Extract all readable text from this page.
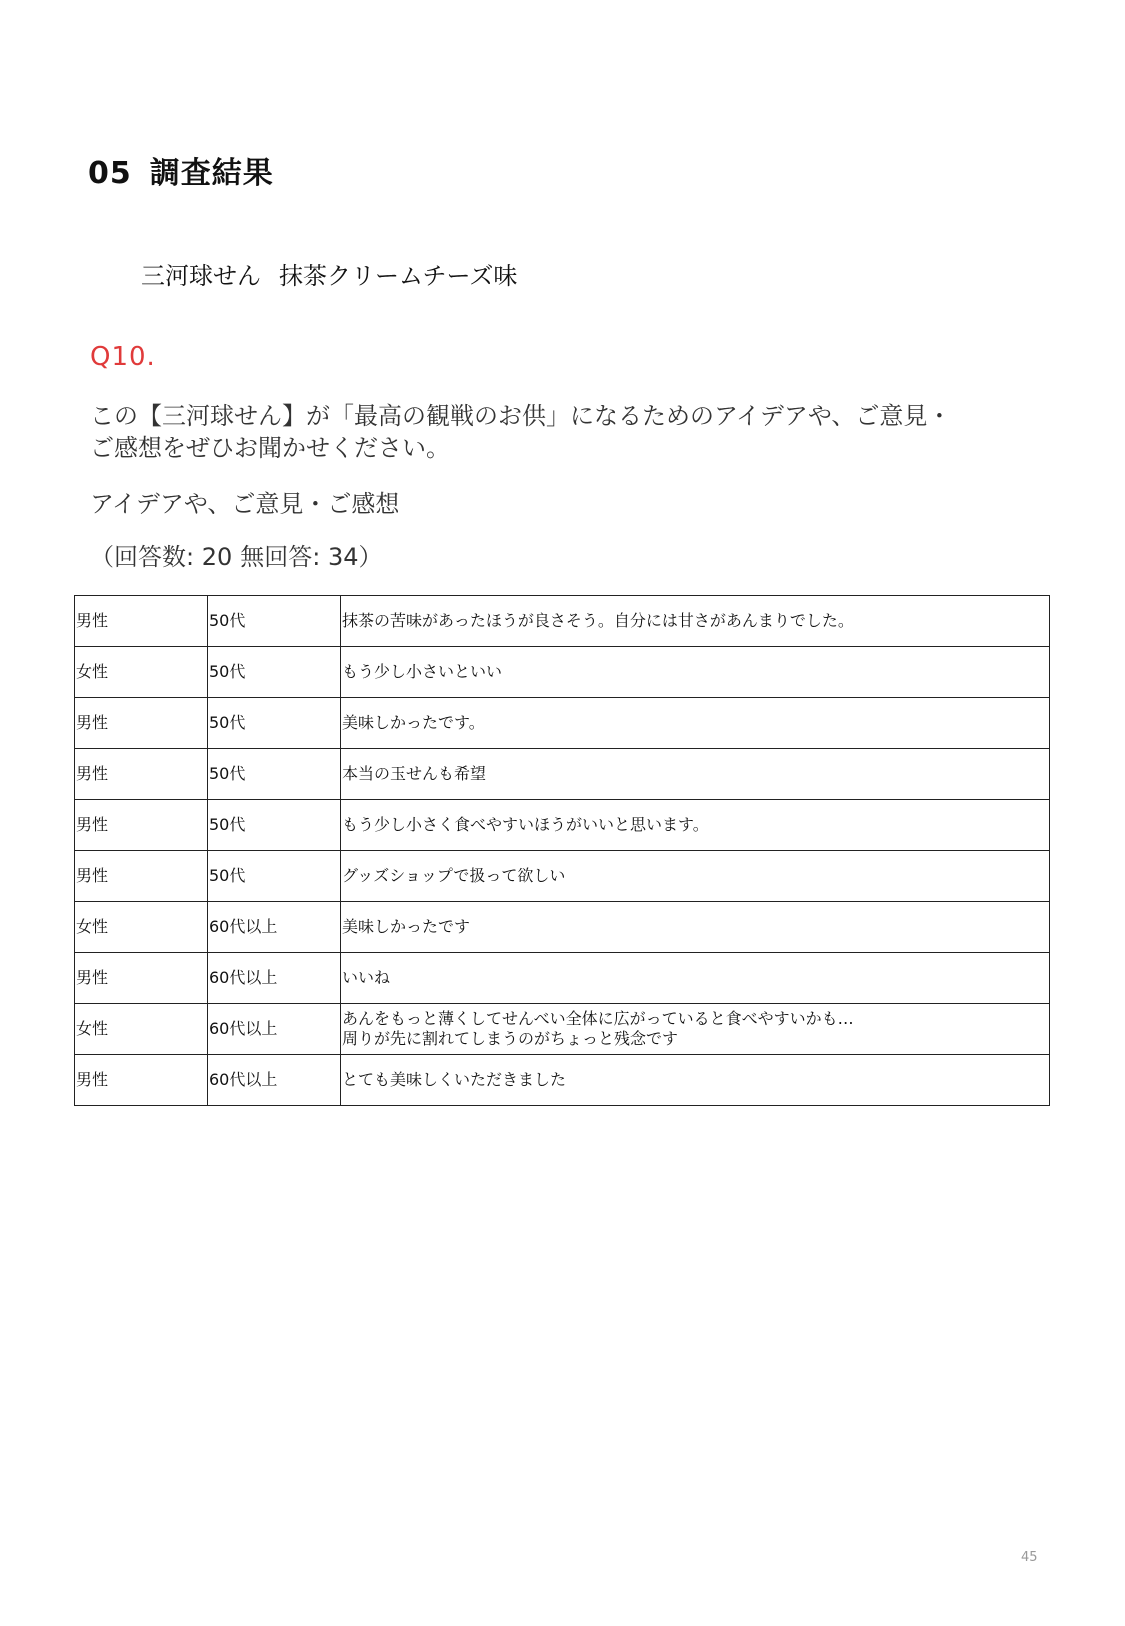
05 調査結果
三河球せん 抹茶クリームチーズ味
Q10.
この【三河球せん】が「最高の観戦のお供」になるためのアイデアや、ご意見・ご感想をぜひお聞かせください。
アイデアや、ご意見・ご感想
（回答数: 20 無回答: 34）
男性	50代	抹茶の苦味があったほうが良さそう。自分には甘さがあんまりでした。
女性	50代	もう少し小さいといい
男性	50代	美味しかったです。
男性	50代	本当の玉せんも希望
男性	50代	もう少し小さく食べやすいほうがいいと思います。
男性	50代	グッズショップで扱って欲しい
女性	60代以上	美味しかったです
男性	60代以上	いいね
女性	60代以上	あんをもっと薄くしてせんべい全体に広がっていると食べやすいかも…
周りが先に割れてしまうのがちょっと残念です
男性	60代以上	とても美味しくいただきました
45
